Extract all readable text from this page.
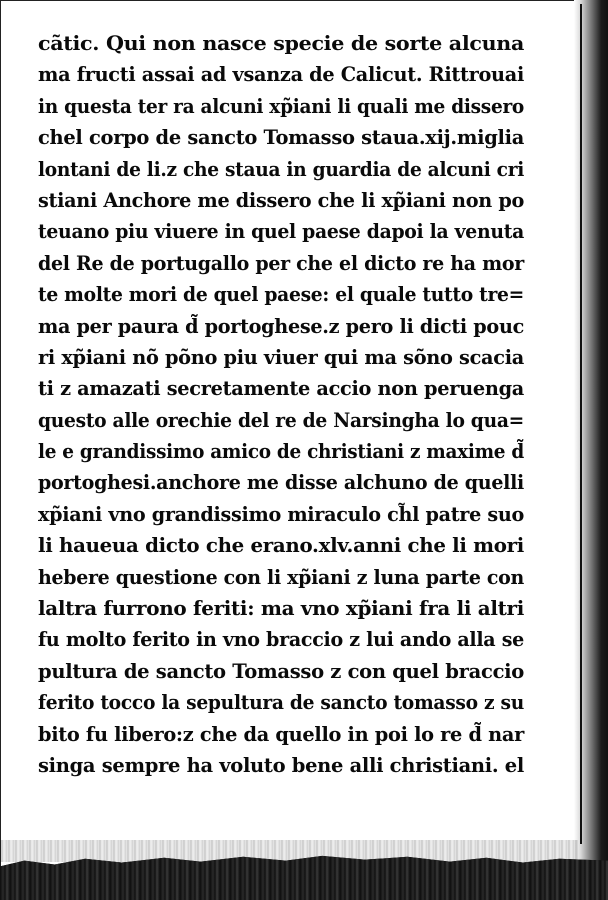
cãtic. Qui non nasce specie de sorte alcuna
ma fructi assai ad vsanza de Calicut. Rittrouai
in questa ter ra alcuni xp̃iani li quali me dissero
chel corpo de sancto Tomasso staua.xij.miglia
lontani de li.z che staua in guardia de alcuni cri
stiani Anchore me dissero che li xp̃iani non po
teuano piu viuere in quel paese dapoi la venuta
del Re de portugallo per che el dicto re ha mor
te molte mori de quel paese: el quale tutto tre=
ma per paura d̃ portoghese.z pero li dicti pouc
ri xp̃iani nõ põno piu viuer qui ma sõno scacia
ti z amazati secretamente accio non peruenga
questo alle orechie del re de Narsingha lo qua=
le e grandissimo amico de christiani z maxime d̃
portoghesi.anchore me disse alchuno de quelli
xp̃iani vno grandissimo miraculo ch̃l patre suo
li haueua dicto che erano.xlv.anni che li mori
hebere questione con li xp̃iani z luna parte con
laltra furrono feriti: ma vno xp̃iani fra li altri
fu molto ferito in vno braccio z lui ando alla se
pultura de sancto Tomasso z con quel braccio
ferito tocco la sepultura de sancto tomasso z su
bito fu libero:z che da quello in poi lo re d̃ nar
singa sempre ha voluto bene alli christiani. el
